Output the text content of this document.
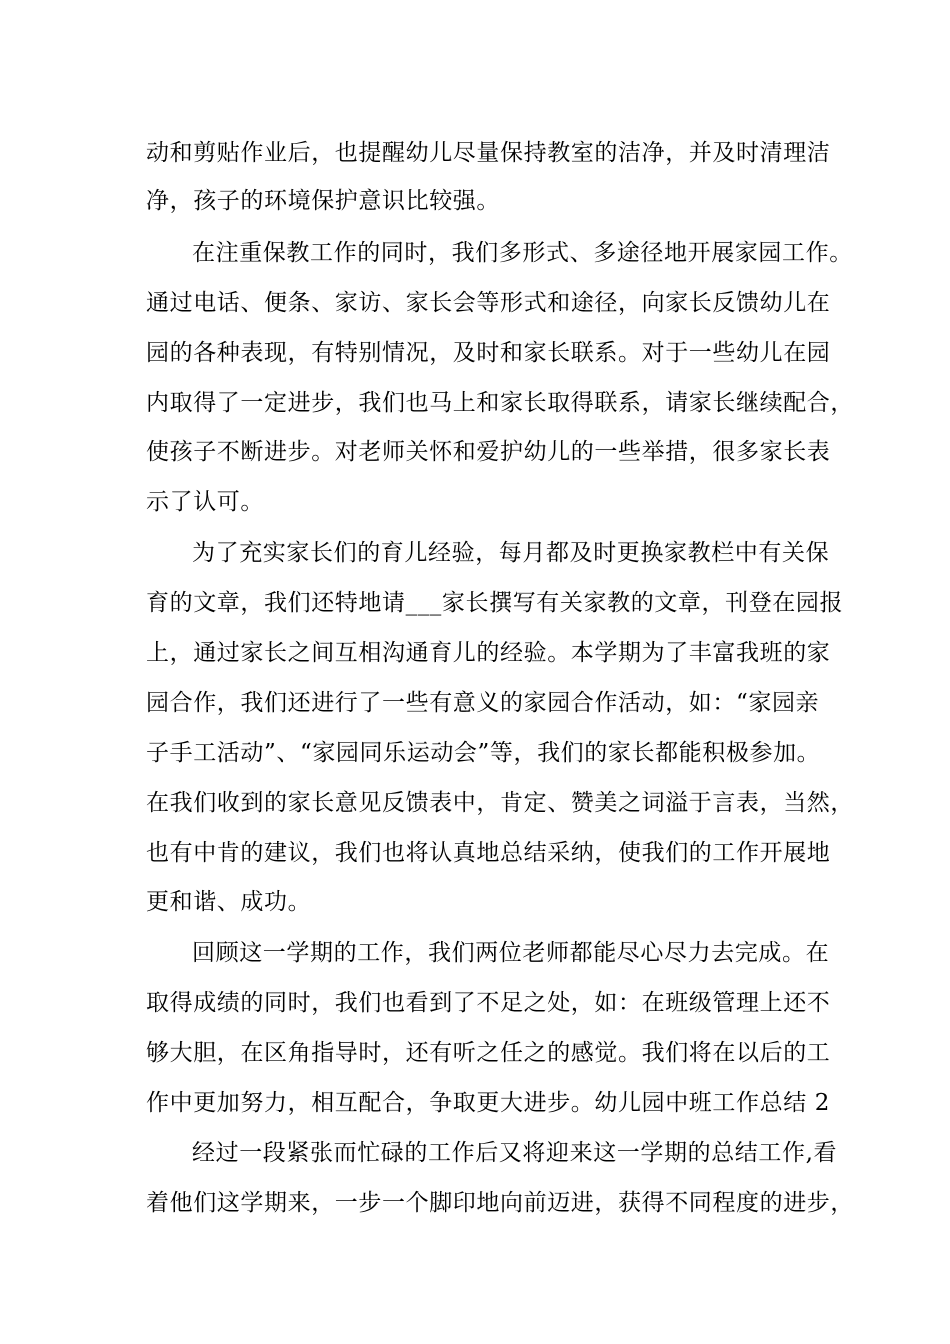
动和剪贴作业后，也提醒幼儿尽量保持教室的洁净，并及时清理洁
净，孩子的环境保护意识比较强。
在注重保教工作的同时，我们多形式、多途径地开展家园工作。
通过电话、便条、家访、家长会等形式和途径，向家长反馈幼儿在
园的各种表现，有特别情况，及时和家长联系。对于一些幼儿在园
内取得了一定进步，我们也马上和家长取得联系，请家长继续配合，
使孩子不断进步。对老师关怀和爱护幼儿的一些举措，很多家长表
示了认可。
为了充实家长们的育儿经验，每月都及时更换家教栏中有关保
育的文章，我们还特地请___家长撰写有关家教的文章，刊登在园报
上，通过家长之间互相沟通育儿的经验。本学期为了丰富我班的家
园合作，我们还进行了一些有意义的家园合作活动，如：“家园亲
子手工活动”、“家园同乐运动会”等，我们的家长都能积极参加。
在我们收到的家长意见反馈表中，肯定、赞美之词溢于言表，当然，
也有中肯的建议，我们也将认真地总结采纳，使我们的工作开展地
更和谐、成功。
回顾这一学期的工作，我们两位老师都能尽心尽力去完成。在
取得成绩的同时，我们也看到了不足之处，如：在班级管理上还不
够大胆，在区角指导时，还有听之任之的感觉。我们将在以后的工
作中更加努力，相互配合，争取更大进步。幼儿园中班工作总结 2
经过一段紧张而忙碌的工作后又将迎来这一学期的总结工作,看
着他们这学期来，一步一个脚印地向前迈进，获得不同程度的进步，
